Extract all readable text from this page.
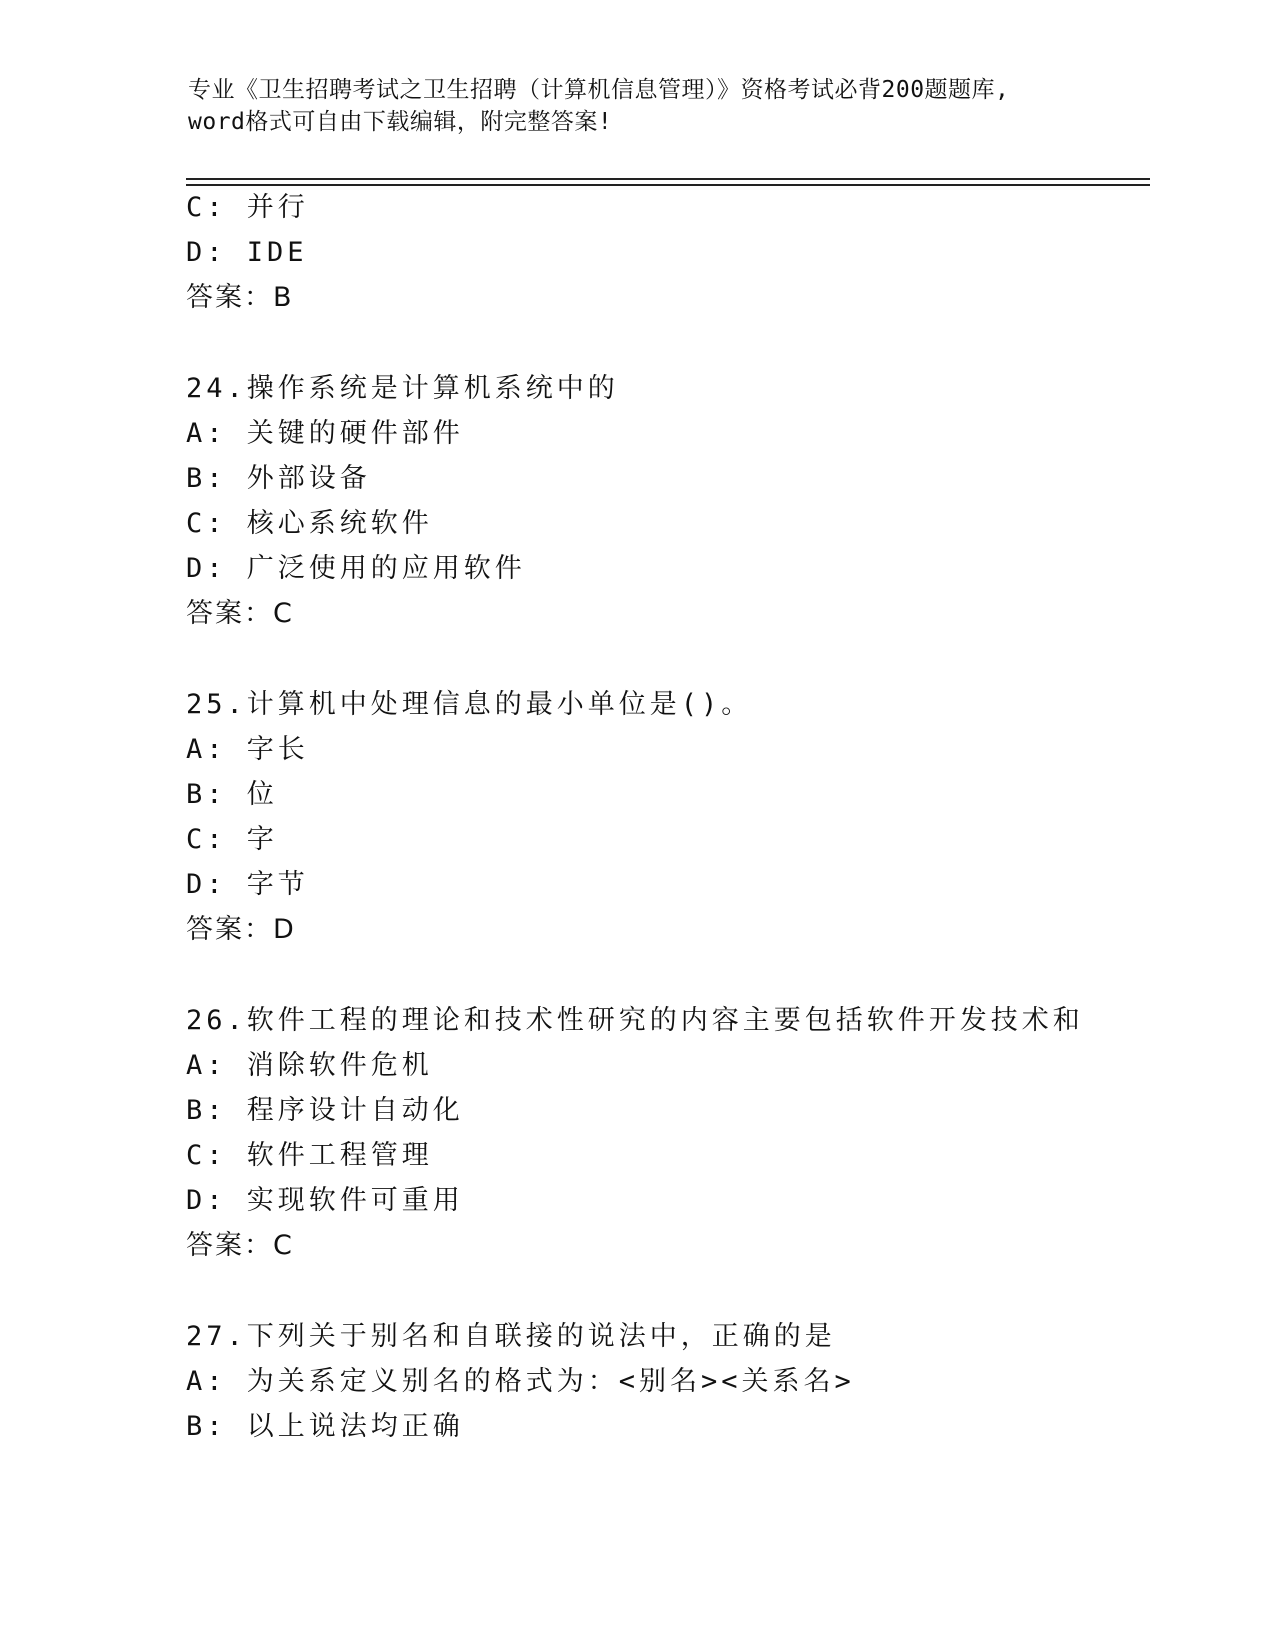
专业《卫生招聘考试之卫生招聘（计算机信息管理）》资格考试必背200题题库,
word格式可自由下载编辑，附完整答案!
C: 并行
D: IDE
答案：B
24.操作系统是计算机系统中的
A: 关键的硬件部件
B: 外部设备
C: 核心系统软件
D: 广泛使用的应用软件
答案：C
25.计算机中处理信息的最小单位是()。
A: 字长
B: 位
C: 字
D: 字节
答案：D
26.软件工程的理论和技术性研究的内容主要包括软件开发技术和
A: 消除软件危机
B: 程序设计自动化
C: 软件工程管理
D: 实现软件可重用
答案：C
27.下列关于别名和自联接的说法中，正确的是
A: 为关系定义别名的格式为：<别名><关系名>
B: 以上说法均正确
